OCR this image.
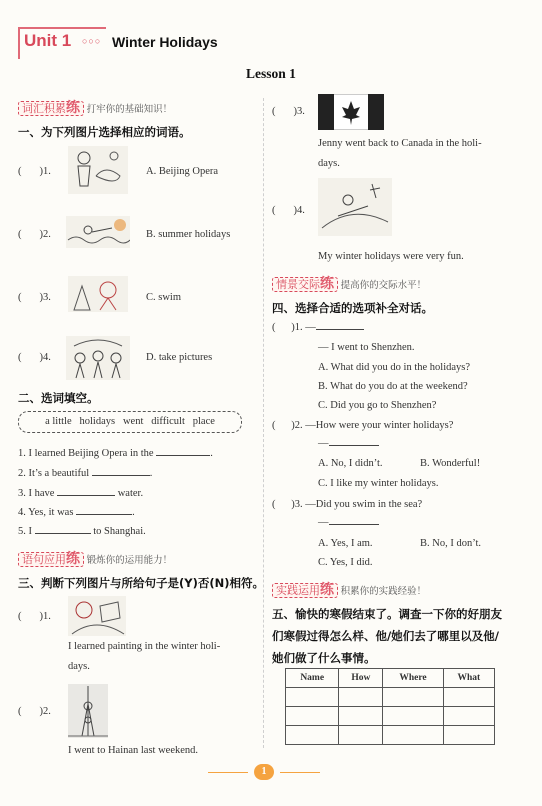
Unit 1 ○○○ Winter Holidays
Lesson 1
词汇积累练 打牢你的基础知识！
一、为下列图片选择相应的词语。
( )1.	A. Beijing Opera
( )2.	B. summer holidays
( )3.	C. swim
( )4.	D. take pictures
二、选词填空。
a little   holidays   went   difficult   place
1. I learned Beijing Opera in the	.
2. It’s a beautiful	.
3. I have	water.
4. Yes, it was	.
5. I	to Shanghai.
语句应用练 锻炼你的运用能力！
三、判断下列图片与所给句子是(Y)否(N)相符。
( )1.
I learned painting in the winter holi-
days.
( )2.
I went to Hainan last weekend.
( )3.
Jenny went back to Canada in the holi-
days.
( )4.
My winter holidays were very fun.
情景交际练 提高你的交际水平！
四、选择合适的选项补全对话。
(      )1. —
— I went to Shenzhen.
A. What did you do in the holidays?
B. What do you do at the weekend?
C. Did you go to Shenzhen?
(      )2. —How were your winter holidays?
—
A. No, I didn’t.	B. Wonderful!
C. I like my winter holidays.
(      )3. —Did you swim in the sea?
—
A. Yes, I am.	B. No, I don’t.
C. Yes, I did.
实践运用练 积累你的实践经验！
五、愉快的寒假结束了。调查一下你的好朋友
们寒假过得怎么样、他/她们去了哪里以及他/
她们做了什么事情。
Name	How	Where	What

1
